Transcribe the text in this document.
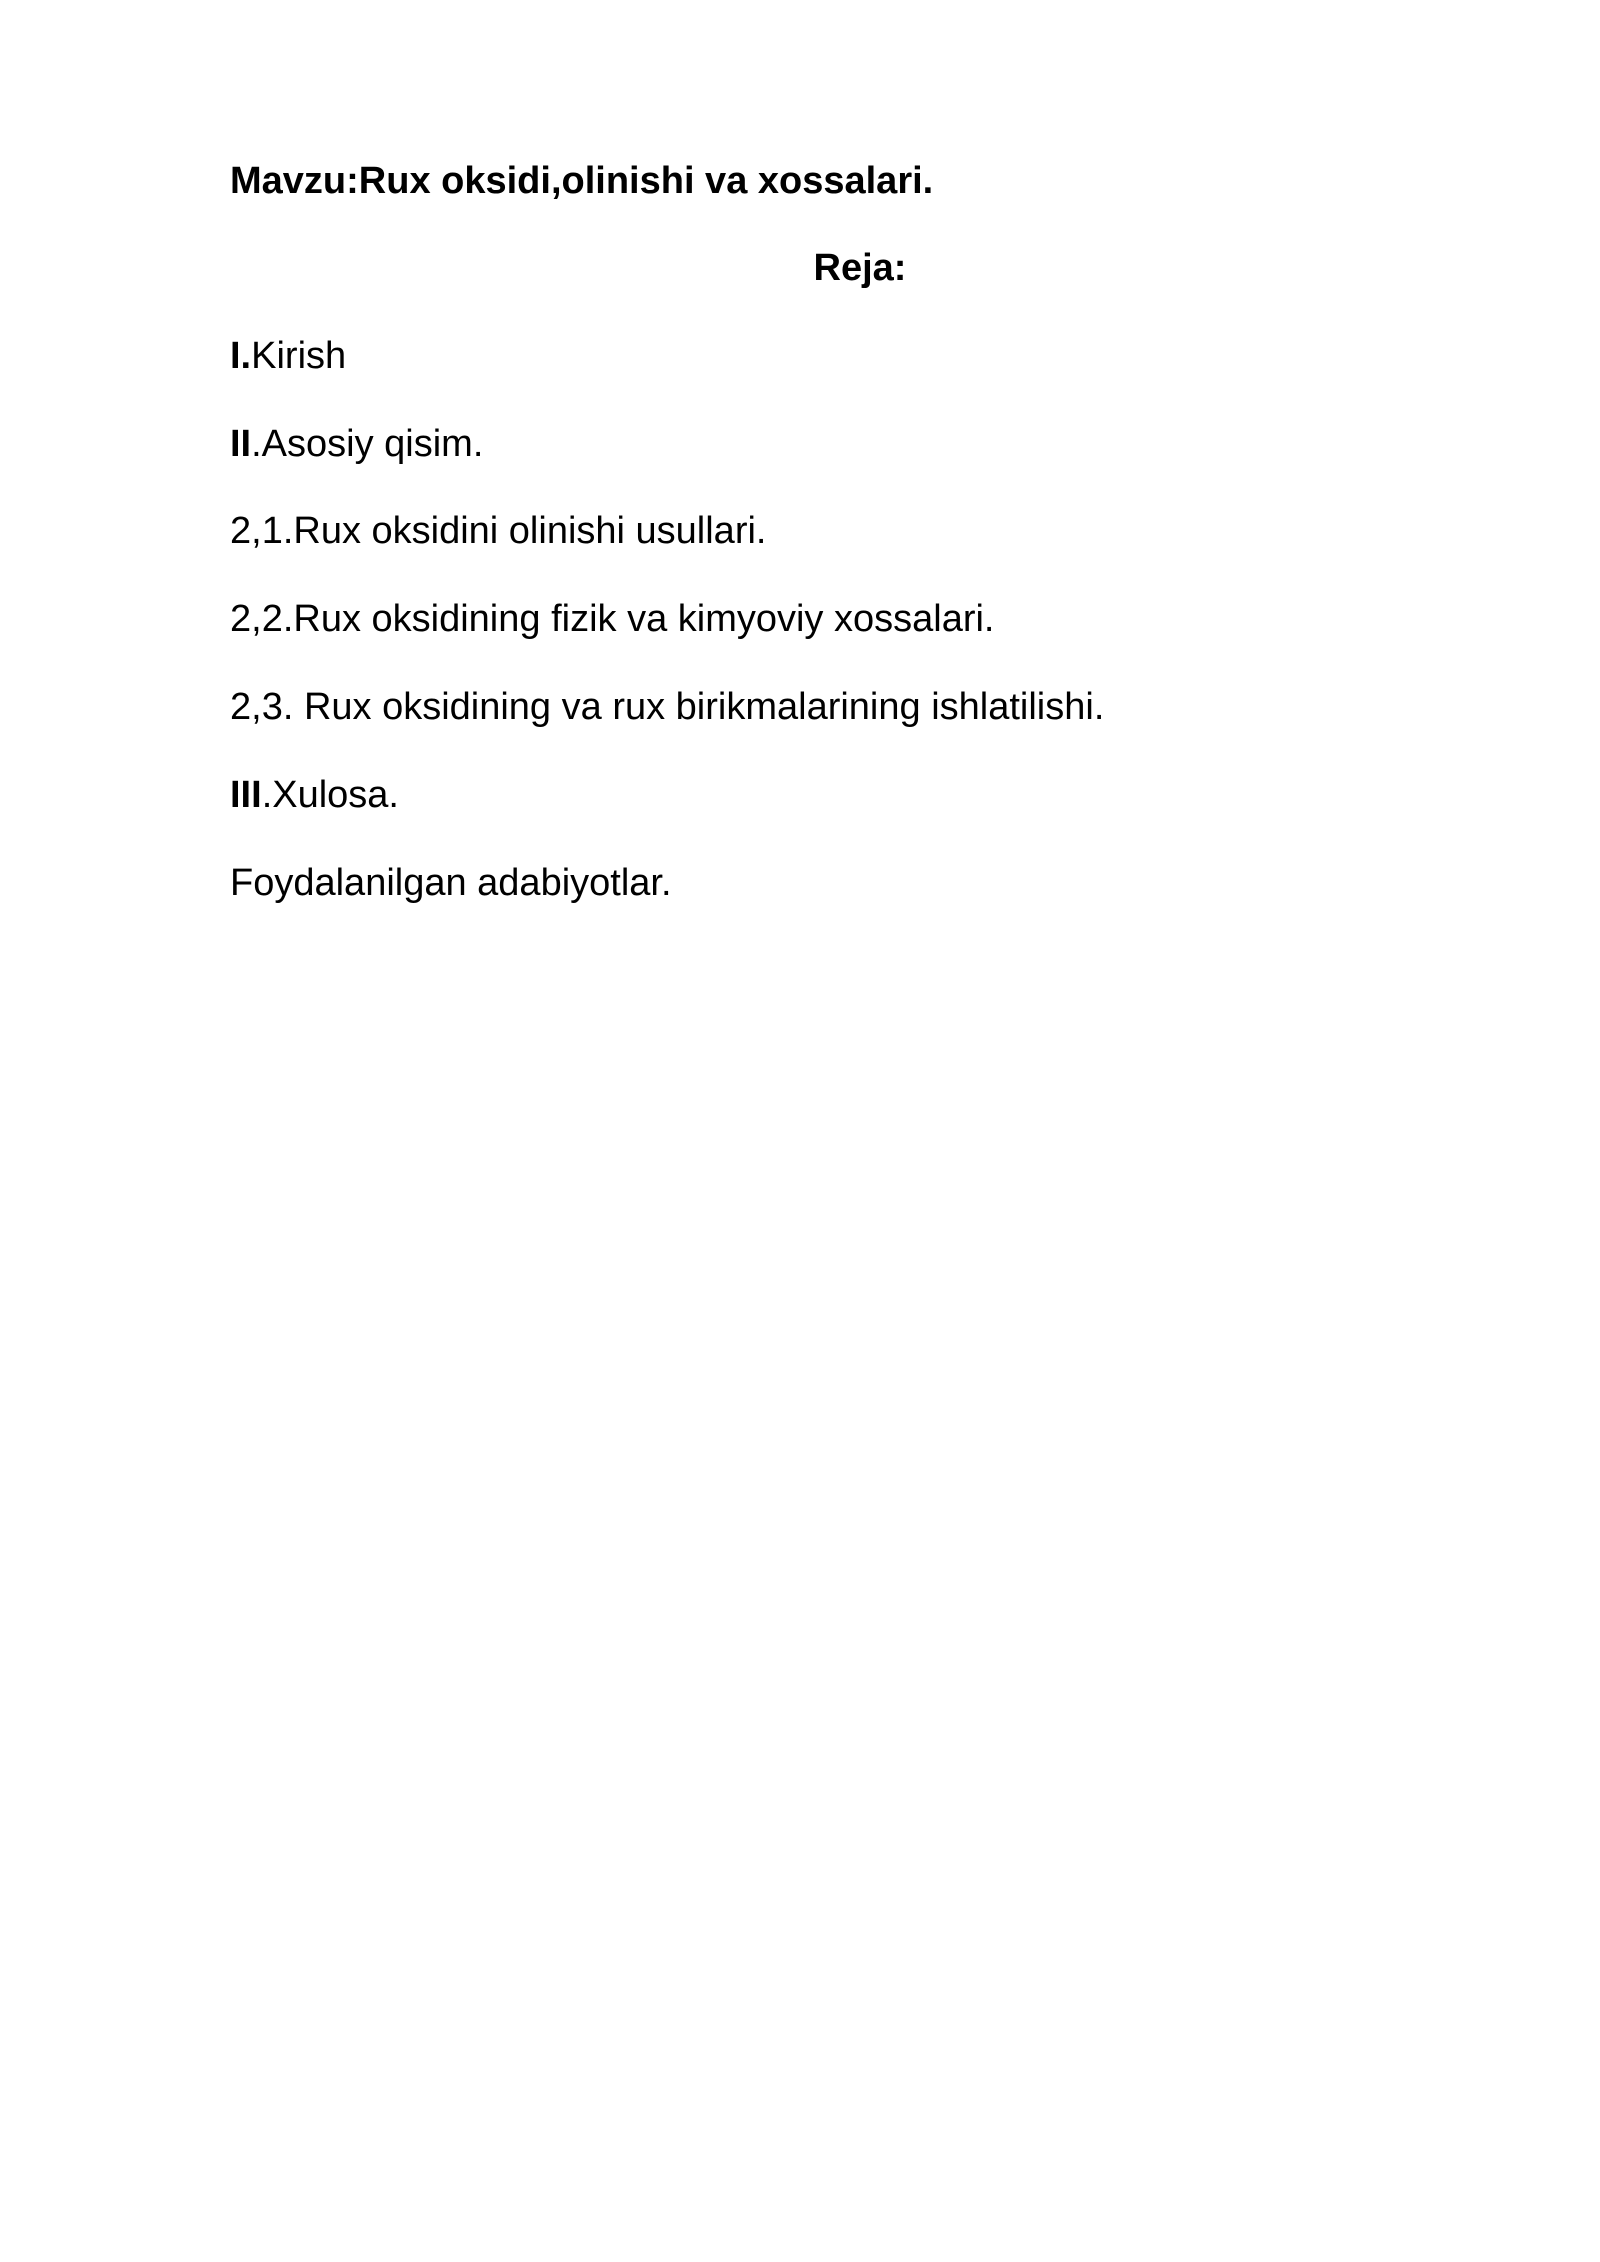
Mavzu:Rux oksidi,olinishi va xossalari.
Reja:
I.Kirish
II.Asosiy qisim.
2,1.Rux oksidini olinishi usullari.
2,2.Rux oksidining fizik va kimyoviy xossalari.
2,3. Rux oksidining va rux birikmalarining ishlatilishi.
III.Xulosa.
Foydalanilgan adabiyotlar.
